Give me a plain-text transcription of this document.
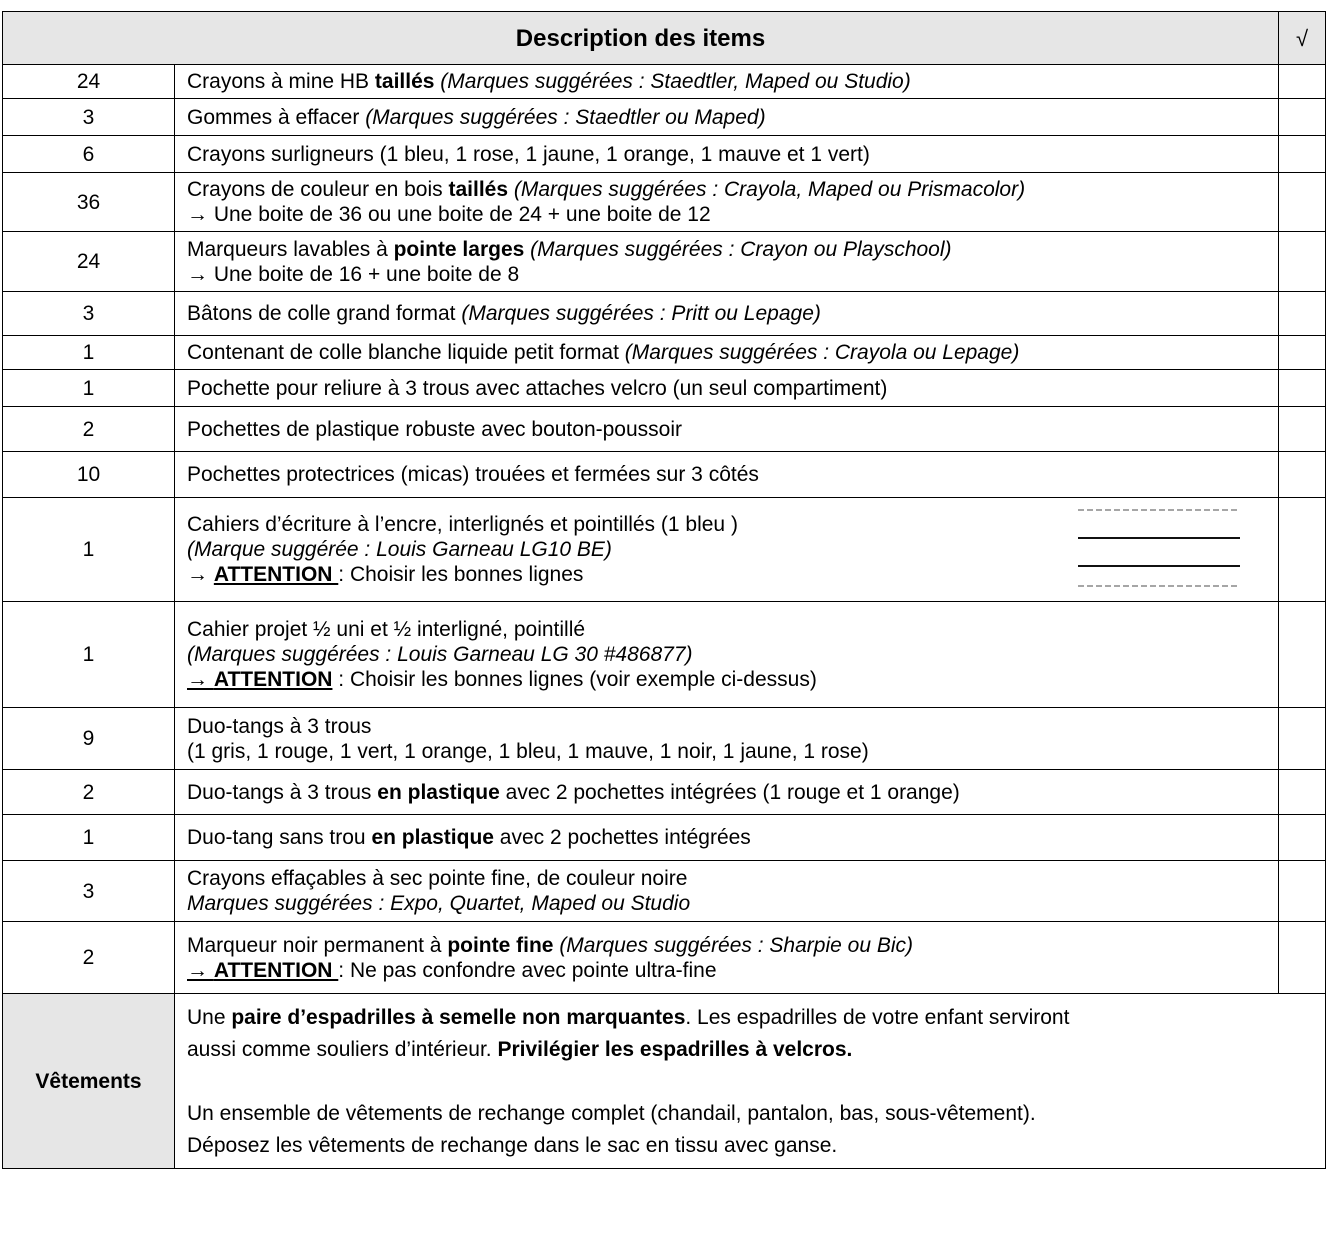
Description des items		√
24	Crayons à mine HB taillés (Marques suggérées : Staedtler, Maped ou Studio)	
3	Gommes à effacer (Marques suggérées : Staedtler ou Maped)	
6	Crayons surligneurs (1 bleu, 1 rose, 1 jaune, 1 orange, 1 mauve et 1 vert)	
36	Crayons de couleur en bois taillés (Marques suggérées : Crayola, Maped ou Prismacolor)
→ Une boite de 36 ou une boite de 24 + une boite de 12	

24	Marqueurs lavables à pointe larges (Marques suggérées : Crayon ou Playschool)
→ Une boite de 16 + une boite de 8	

3	Bâtons de colle grand format (Marques suggérées : Pritt ou Lepage)	
1	Contenant de colle blanche liquide petit format (Marques suggérées : Crayola ou Lepage)	
1	Pochette pour reliure à 3 trous avec attaches velcro (un seul compartiment)	
2	Pochettes de plastique robuste avec bouton-poussoir	
10	Pochettes protectrices (micas) trouées et fermées sur 3 côtés	
1	Cahiers d’écriture à l’encre, interlignés et pointillés (1 bleu )
(Marque suggérée : Louis Garneau LG10 BE)
→ ATTENTION : Choisir les bonnes lignes	

1	Cahier projet ½ uni et ½ interligné, pointillé
(Marques suggérées : Louis Garneau LG 30 #486877)
→ ATTENTION : Choisir les bonnes lignes (voir exemple ci-dessus)	

9	Duo-tangs à 3 trous
(1 gris, 1 rouge, 1 vert, 1 orange, 1 bleu, 1 mauve, 1 noir, 1 jaune, 1 rose)	

2	Duo-tangs à 3 trous en plastique avec 2 pochettes intégrées (1 rouge et 1 orange)	
1	Duo-tang sans trou en plastique avec 2 pochettes intégrées	
3	Crayons effaçables à sec pointe fine, de couleur noire
Marques suggérées : Expo, Quartet, Maped ou Studio	

2	Marqueur noir permanent à pointe fine (Marques suggérées : Sharpie ou Bic)
→ ATTENTION : Ne pas confondre avec pointe ultra-fine	

Vêtements	Une paire d’espadrilles à semelle non marquantes. Les espadrilles de votre enfant serviront
aussi comme souliers d’intérieur. Privilégier les espadrilles à velcros.
Un ensemble de vêtements de rechange complet (chandail, pantalon, bas, sous-vêtement).
Déposez les vêtements de rechange dans le sac en tissu avec ganse.	
